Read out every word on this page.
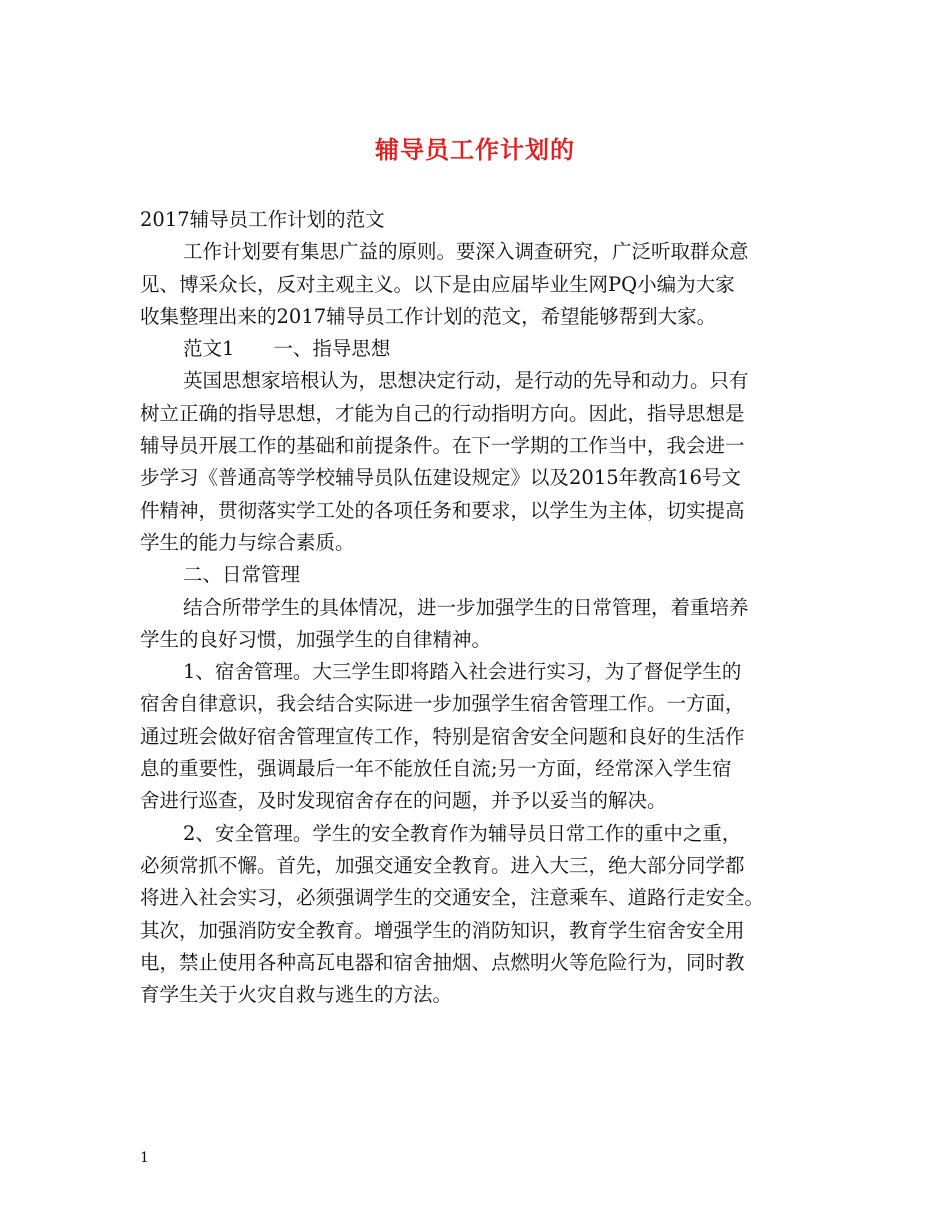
辅导员工作计划的
2017辅导员工作计划的范文
工作计划要有集思广益的原则。要深入调查研究，广泛听取群众意
见、博采众长，反对主观主义。以下是由应届毕业生网PQ小编为大家
收集整理出来的2017辅导员工作计划的范文，希望能够帮到大家。
范文1　　一、指导思想
英国思想家培根认为，思想决定行动，是行动的先导和动力。只有
树立正确的指导思想，才能为自己的行动指明方向。因此，指导思想是
辅导员开展工作的基础和前提条件。在下一学期的工作当中，我会进一
步学习《普通高等学校辅导员队伍建设规定》以及2015年教高16号文
件精神，贯彻落实学工处的各项任务和要求，以学生为主体，切实提高
学生的能力与综合素质。
二、日常管理
结合所带学生的具体情况，进一步加强学生的日常管理，着重培养
学生的良好习惯，加强学生的自律精神。
1、宿舍管理。大三学生即将踏入社会进行实习，为了督促学生的
宿舍自律意识，我会结合实际进一步加强学生宿舍管理工作。一方面，
通过班会做好宿舍管理宣传工作，特别是宿舍安全问题和良好的生活作
息的重要性，强调最后一年不能放任自流;另一方面，经常深入学生宿
舍进行巡查，及时发现宿舍存在的问题，并予以妥当的解决。
2、安全管理。学生的安全教育作为辅导员日常工作的重中之重，
必须常抓不懈。首先，加强交通安全教育。进入大三，绝大部分同学都
将进入社会实习，必须强调学生的交通安全，注意乘车、道路行走安全。
其次，加强消防安全教育。增强学生的消防知识，教育学生宿舍安全用
电，禁止使用各种高瓦电器和宿舍抽烟、点燃明火等危险行为，同时教
育学生关于火灾自救与逃生的方法。
1
